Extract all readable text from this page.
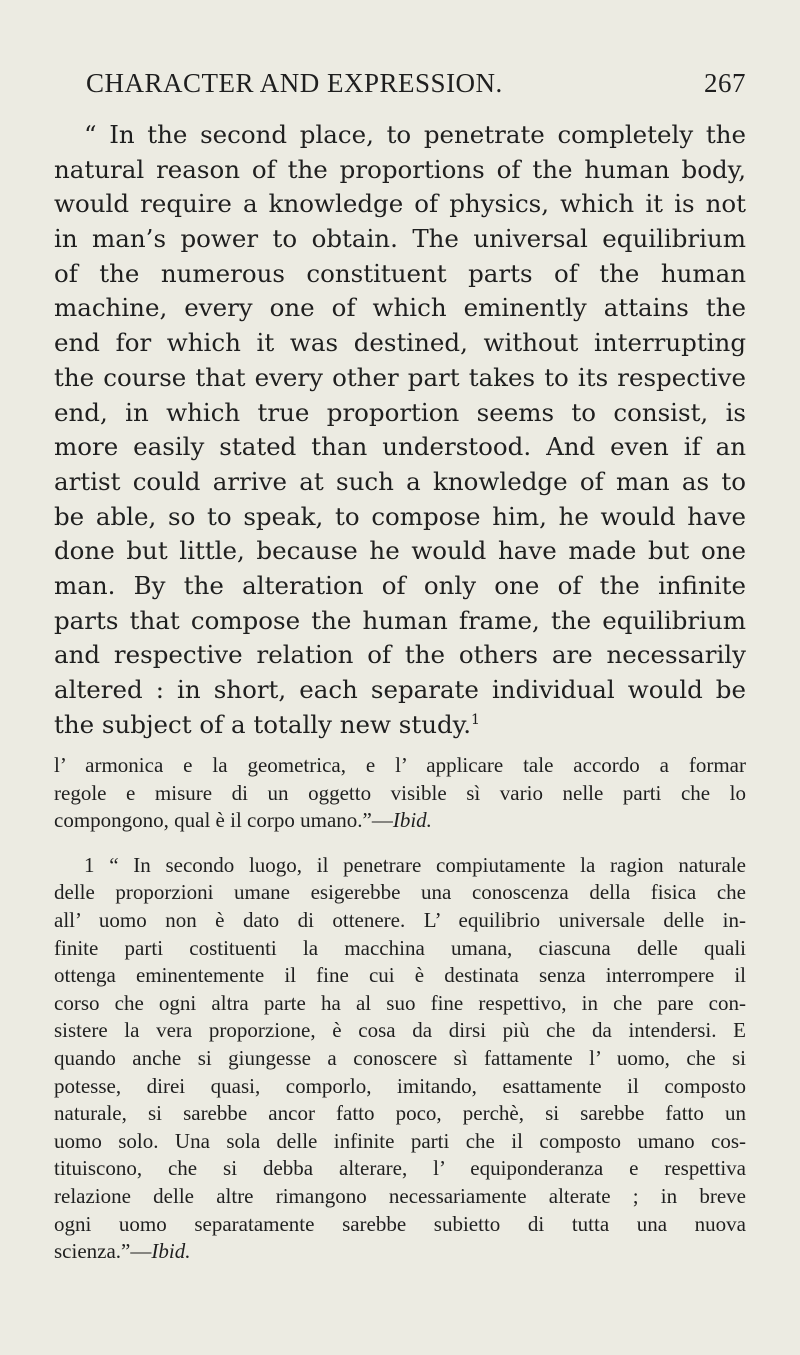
CHARACTER AND EXPRESSION.	267
“ In the second place, to penetrate completely the
natural reason of the proportions of the human body,
would require a knowledge of physics, which it is not
in man’s power to obtain. The universal equilibrium
of the numerous constituent parts of the human
machine, every one of which eminently attains the
end for which it was destined, without interrupting
the course that every other part takes to its respective
end, in which true proportion seems to consist, is
more easily stated than understood. And even if an
artist could arrive at such a knowledge of man as to
be able, so to speak, to compose him, he would have
done but little, because he would have made but one
man. By the alteration of only one of the infinite
parts that compose the human frame, the equilibrium
and respective relation of the others are necessarily
altered : in short, each separate individual would be
the subject of a totally new study.$^1$
l’ armonica e la geometrica, e l’ applicare tale accordo a formar
regole e misure di un oggetto visible sì vario nelle parti che lo
compongono, qual è il corpo umano.”—Ibid.
1 “ In secondo luogo, il penetrare compiutamente la ragion naturale
delle proporzioni umane esigerebbe una conoscenza della fisica che
all’ uomo non è dato di ottenere. L’ equilibrio universale delle in-
finite parti costituenti la macchina umana, ciascuna delle quali
ottenga eminentemente il fine cui è destinata senza interrompere il
corso che ogni altra parte ha al suo fine respettivo, in che pare con-
sistere la vera proporzione, è cosa da dirsi più che da intendersi. E
quando anche si giungesse a conoscere sì fattamente l’ uomo, che si
potesse, direi quasi, comporlo, imitando, esattamente il composto
naturale, si sarebbe ancor fatto poco, perchè, si sarebbe fatto un
uomo solo. Una sola delle infinite parti che il composto umano cos-
tituiscono, che si debba alterare, l’ equiponderanza e respettiva
relazione delle altre rimangono necessariamente alterate ; in breve
ogni uomo separatamente sarebbe subietto di tutta una nuova
scienza.”—Ibid.
